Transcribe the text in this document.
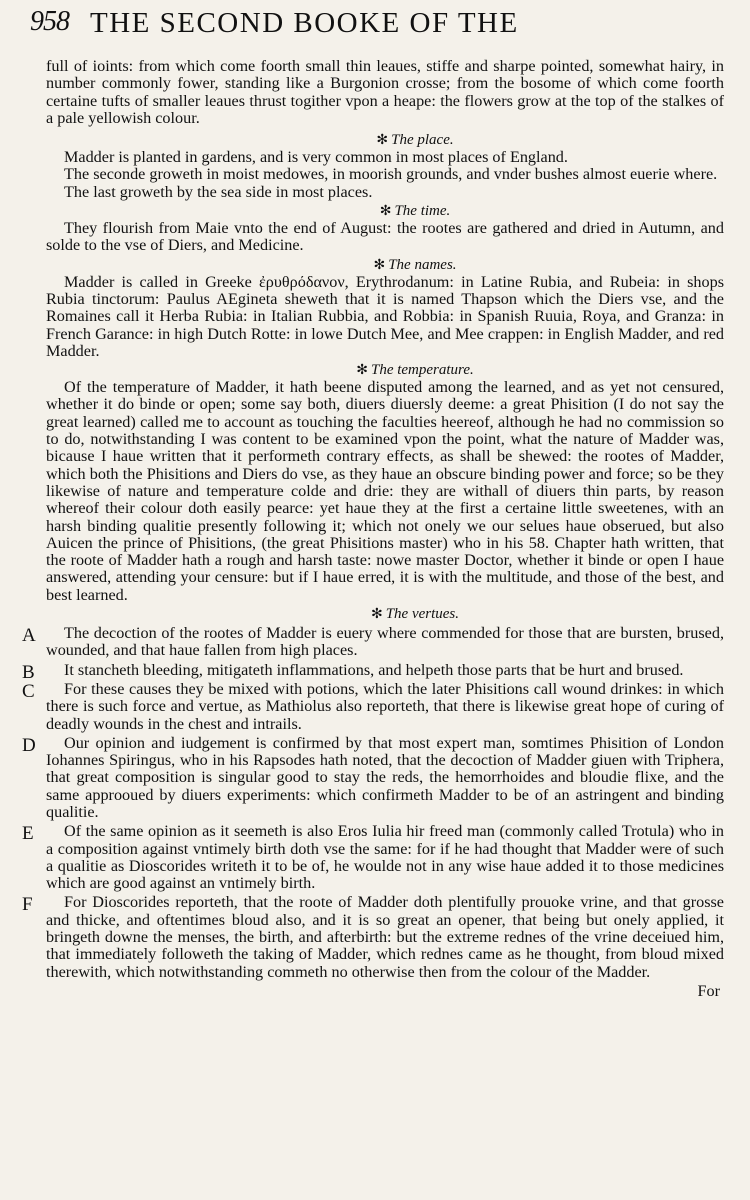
958 THE SECOND BOOKE OF THE

full of ioints: from which come foorth small thin leaues, stiffe and sharpe pointed, somewhat hairy, in number commonly fower, standing like a Burgonion crosse; from the bosome of which come foorth certaine tufts of smaller leaues thrust togither vpon a heape: the flowers grow at the top of the stalkes of a pale yellowish colour.

✻ The place.

Madder is planted in gardens, and is very common in most places of England.

The seconde groweth in moist medowes, in moorish grounds, and vnder bushes almost euerie where.

The last groweth by the sea side in most places.

✻ The time.

They flourish from Maie vnto the end of August: the rootes are gathered and dried in Autumn, and solde to the vse of Diers, and Medicine.

✻ The names.

Madder is called in Greeke ἐρυθρόδανον, Erythrodanum: in Latine Rubia, and Rubeia: in shops Rubia tinctorum: Paulus AEgineta sheweth that it is named Thapson which the Diers vse, and the Romaines call it Herba Rubia: in Italian Rubbia, and Robbia: in Spanish Ruuia, Roya, and Granza: in French Garance: in high Dutch Rotte: in lowe Dutch Mee, and Mee crappen: in English Madder, and red Madder.

✻ The temperature.

Of the temperature of Madder, it hath beene disputed among the learned, and as yet not censured, whether it do binde or open; some say both, diuers diuersly deeme: a great Phisition (I do not say the great learned) called me to account as touching the faculties heereof, although he had no commission so to do, notwithstanding I was content to be examined vpon the point, what the nature of Madder was, bicause I haue written that it performeth contrary effects, as shall be shewed: the rootes of Madder, which both the Phisitions and Diers do vse, as they haue an obscure binding power and force; so be they likewise of nature and temperature colde and drie: they are withall of diuers thin parts, by reason whereof their colour doth easily pearce: yet haue they at the first a certaine little sweetenes, with an harsh binding qualitie presently following it; which not onely we our selues haue obserued, but also Auicen the prince of Phisitions, (the great Phisitions master) who in his 58. Chapter hath written, that the roote of Madder hath a rough and harsh taste: nowe master Doctor, whether it binde or open I haue answered, attending your censure: but if I haue erred, it is with the multitude, and those of the best, and best learned.

✻ The vertues.
A	The decoction of the rootes of Madder is euery where commended for those that are bursten, brused, wounded, and that haue fallen from high places.

B	It stancheth bleeding, mitigateth inflammations, and helpeth those parts that be hurt and brused.

C	For these causes they be mixed with potions, which the later Phisitions call wound drinkes: in which there is such force and vertue, as Mathiolus also reporteth, that there is likewise great hope of curing of deadly wounds in the chest and intrails.

D	Our opinion and iudgement is confirmed by that most expert man, somtimes Phisition of London Iohannes Spiringus, who in his Rapsodes hath noted, that the decoction of Madder giuen with Triphera, that great composition is singular good to stay the reds, the hemorrhoides and bloudie flixe, and the same approoued by diuers experiments: which confirmeth Madder to be of an astringent and binding qualitie.

E	Of the same opinion as it seemeth is also Eros Iulia hir freed man (commonly called Trotula) who in a composition against vntimely birth doth vse the same: for if he had thought that Madder were of such a qualitie as Dioscorides writeth it to be of, he woulde not in any wise haue added it to those medicines which are good against an vntimely birth.

F	For Dioscorides reporteth, that the roote of Madder doth plentifully prouoke vrine, and that grosse and thicke, and oftentimes bloud also, and it is so great an opener, that being but onely applied, it bringeth downe the menses, the birth, and afterbirth: but the extreme rednes of the vrine deceiued him, that immediately followeth the taking of Madder, which rednes came as he thought, from bloud mixed therewith, which notwithstanding commeth no otherwise then from the colour of the Madder.

For
